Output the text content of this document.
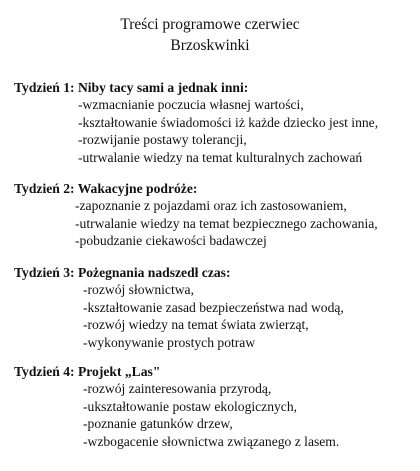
Treści programowe czerwiec
Brzoskwinki
Tydzień 1: Niby tacy sami a jednak inni:
-wzmacnianie poczucia własnej wartości,
-kształtowanie świadomości iż każde dziecko jest inne,
-rozwijanie postawy tolerancji,
-utrwalanie wiedzy na temat kulturalnych zachowań
Tydzień 2: Wakacyjne podróże:
-zapoznanie z pojazdami oraz ich zastosowaniem,
-utrwalanie wiedzy na temat bezpiecznego zachowania,
-pobudzanie ciekawości badawczej
Tydzień 3: Pożegnania nadszedł czas:
-rozwój słownictwa,
-kształtowanie zasad bezpieczeństwa nad wodą,
-rozwój wiedzy na temat świata zwierząt,
-wykonywanie prostych potraw
Tydzień 4: Projekt „Las"
-rozwój zainteresowania przyrodą,
-ukształtowanie postaw ekologicznych,
-poznanie gatunków drzew,
-wzbogacenie słownictwa związanego z lasem.
